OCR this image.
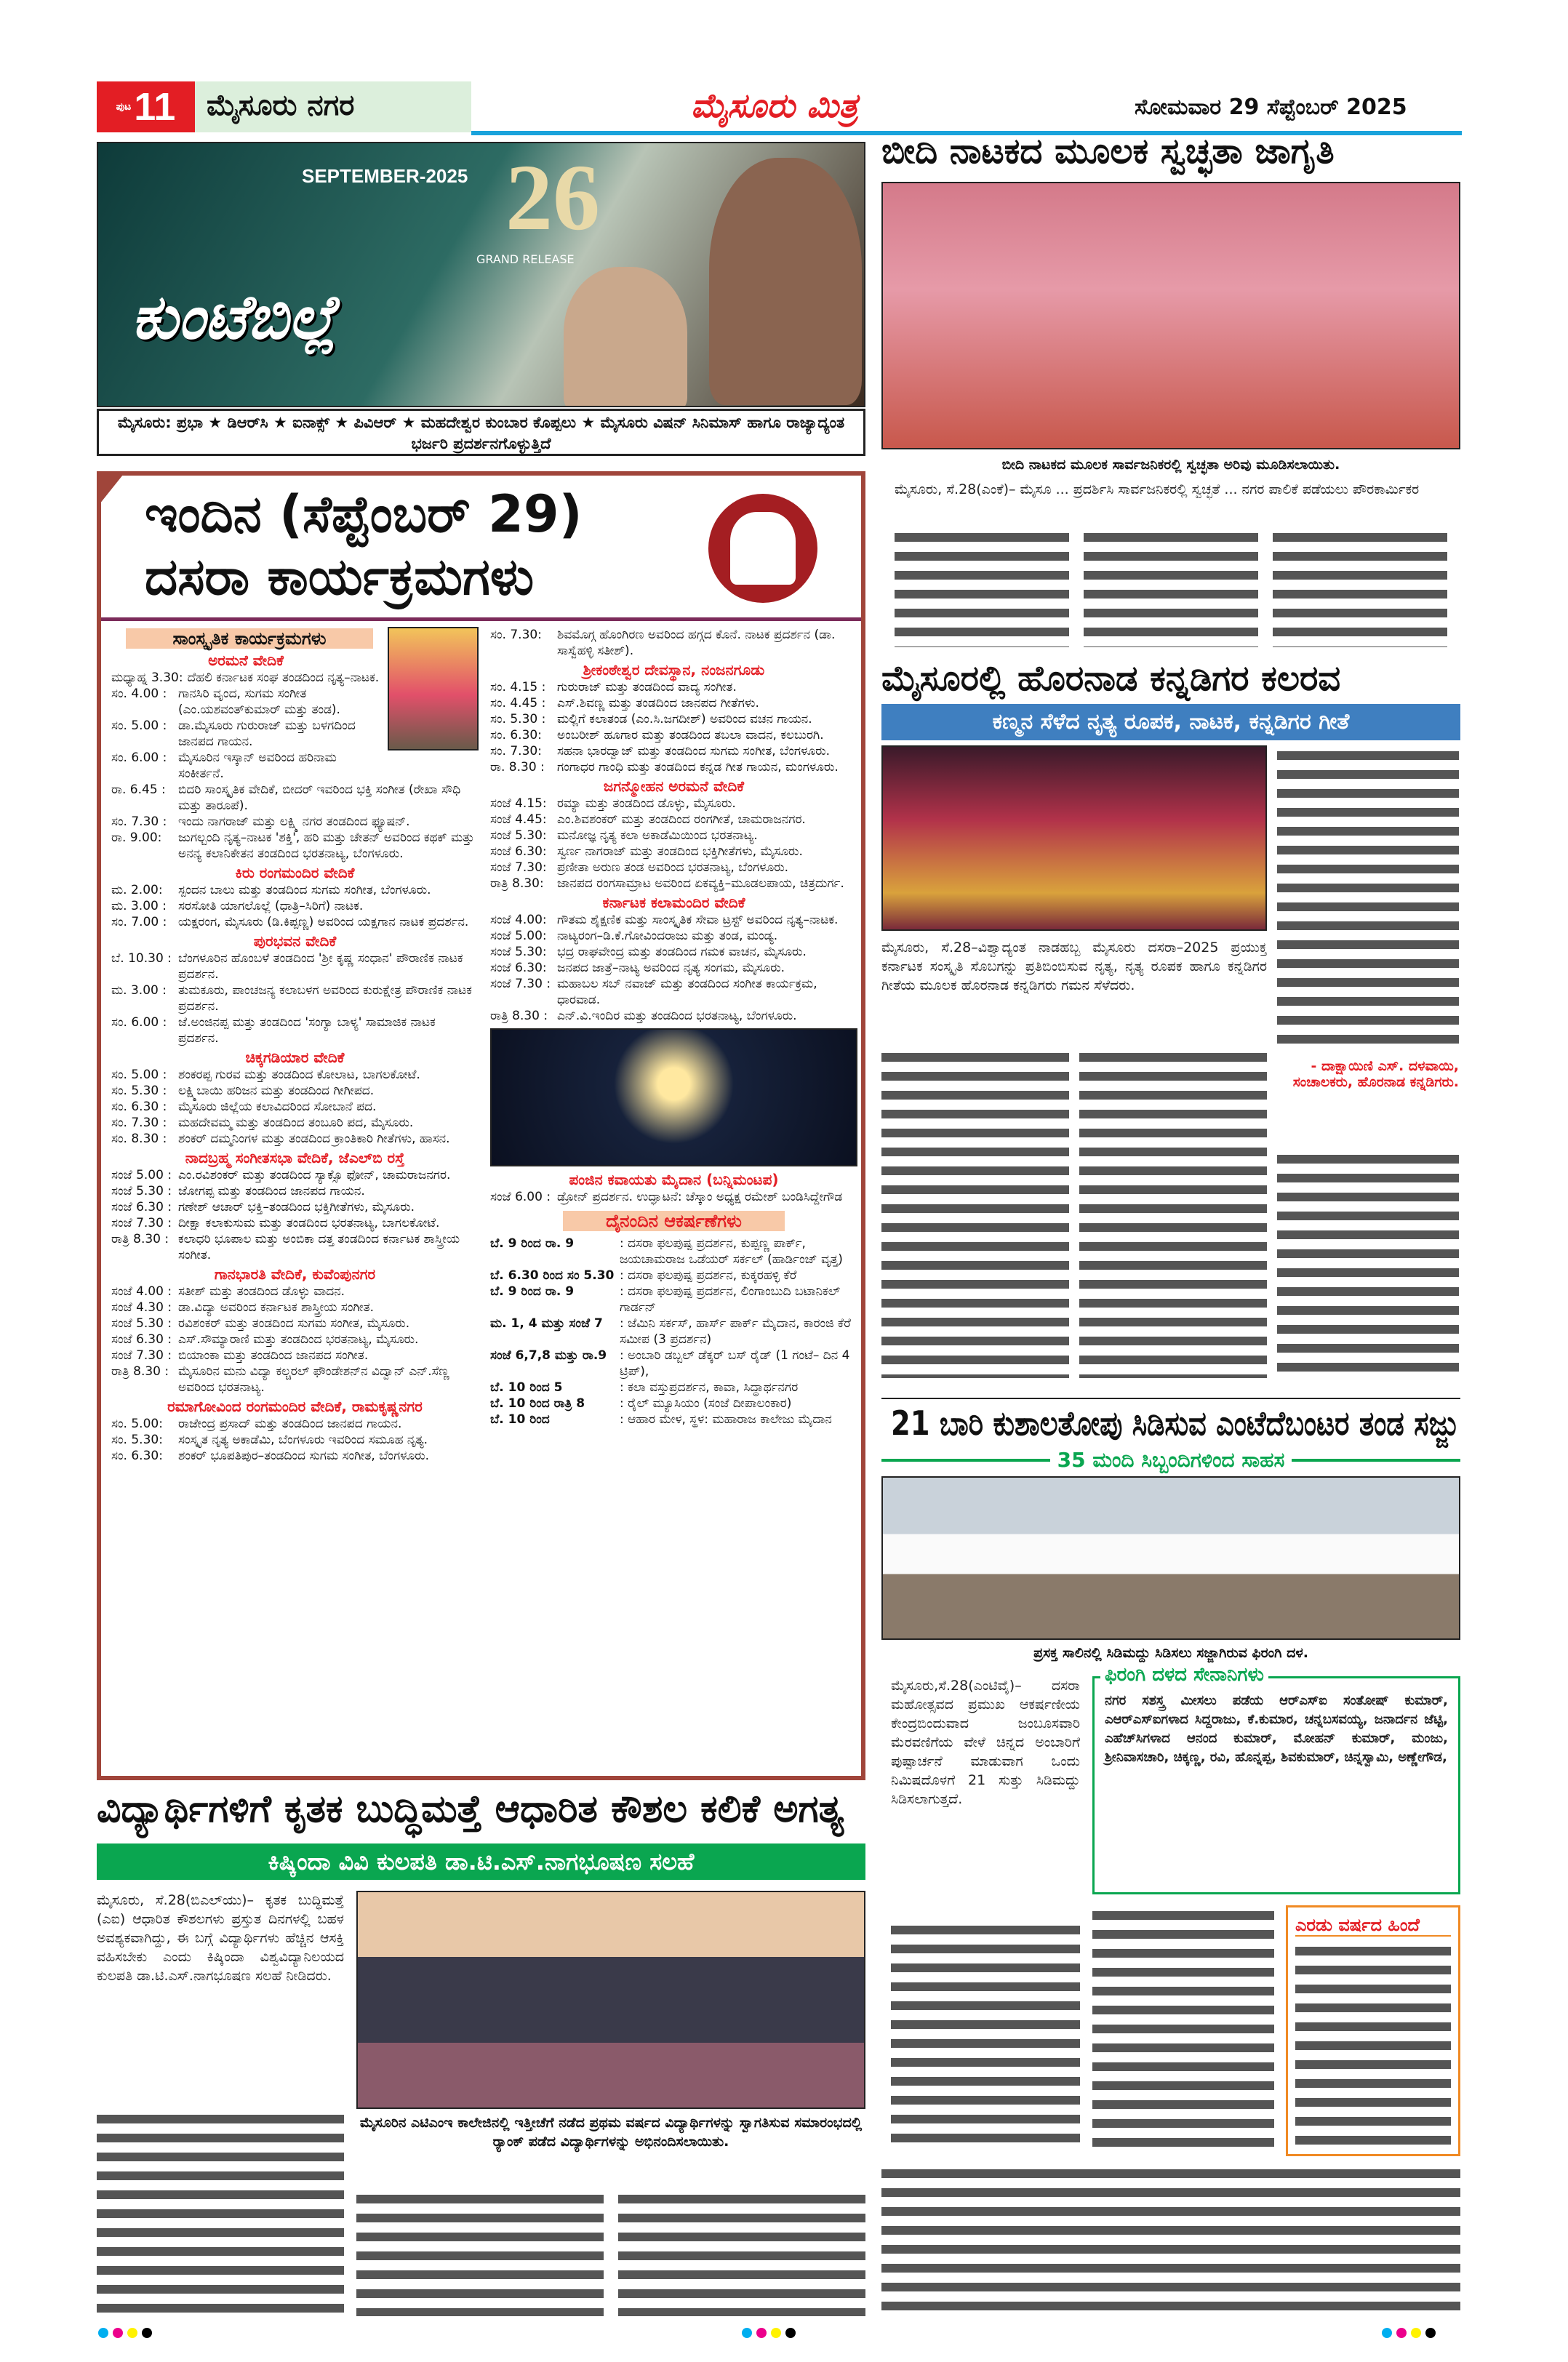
ಪುಟ 11	ಮೈಸೂರು ನಗರ	ಮೈಸೂರು ಮಿತ್ರ	ಸೋಮವಾರ 29 ಸೆಪ್ಟೆಂಬರ್ 2025
SEPTEMBER-2025 26
GRAND RELEASE
ಕುಂಟೆಬಿಲ್ಲೆ
ಮೈಸೂರು: ಪ್ರಭಾ ★ ಡಿಆರ್‌ಸಿ ★ ಐನಾಕ್ಸ್ ★ ಪಿವಿಆರ್ ★ ಮಹದೇಶ್ವರ ಕುಂಬಾರ ಕೊಪ್ಪಲು ★ ಮೈಸೂರು ವಿಷನ್ ಸಿನಿಮಾಸ್ ಹಾಗೂ ರಾಜ್ಯಾದ್ಯಂತ ಭರ್ಜರಿ ಪ್ರದರ್ಶನಗೊಳ್ಳುತ್ತಿದೆ
ಬೀದಿ ನಾಟಕದ ಮೂಲಕ ಸ್ವಚ್ಛತಾ ಜಾಗೃತಿ
ಬೀದಿ ನಾಟಕದ ಮೂಲಕ ಸಾರ್ವಜನಿಕರಲ್ಲಿ ಸ್ವಚ್ಛತಾ ಅರಿವು ಮೂಡಿಸಲಾಯಿತು.
ಮೈಸೂರು, ಸೆ.28(ಎಂಕೆ)– ಮೈಸೂ ... ಪ್ರದರ್ಶಿಸಿ ಸಾರ್ವಜನಿಕರಲ್ಲಿ ಸ್ವಚ್ಛತೆ ... ನಗರ ಪಾಲಿಕೆ ಪಡೆಯಲು ಪೌರಕಾರ್ಮಿಕರ
ಇಂದಿನ (ಸೆಪ್ಟೆಂಬರ್ 29)
ದಸರಾ ಕಾರ್ಯಕ್ರಮಗಳು
ಸಾಂಸ್ಕೃತಿಕ ಕಾರ್ಯಕ್ರಮಗಳು
ಅರಮನೆ ವೇದಿಕೆ
ಮಧ್ಯಾಹ್ನ 3.30: ದೆಹಲಿ ಕರ್ನಾಟಕ ಸಂಘ ತಂಡದಿಂದ ನೃತ್ಯ–ನಾಟಕ.
ಸಂ. 4.00 : ಗಾನಸಿರಿ ವೃಂದ, ಸುಗಮ ಸಂಗೀತ (ಎಂ.ಯಶವಂತ್‌ಕುಮಾರ್ ಮತ್ತು ತಂಡ).
ಸಂ. 5.00 : ಡಾ.ಮೈಸೂರು ಗುರುರಾಜ್ ಮತ್ತು ಬಳಗದಿಂದ ಜಾನಪದ ಗಾಯನ.
ಸಂ. 6.00 : ಮೈಸೂರಿನ ಇಸ್ಕಾನ್ ಅವರಿಂದ ಹರಿನಾಮ ಸಂಕೀರ್ತನೆ.
ರಾ. 6.45 :	ಬಿದರಿ ಸಾಂಸ್ಕೃತಿಕ ವೇದಿಕೆ, ಬೀದರ್ ಇವರಿಂದ ಭಕ್ತಿ ಸಂಗೀತ (ರೇಖಾ ಸೌಧಿ ಮತ್ತು ತಾರೂಪೆ).
ಸಂ. 7.30 : ಇಂದು ನಾಗರಾಜ್ ಮತ್ತು ಲಕ್ಷ್ಮಿ ನಗರ ತಂಡದಿಂದ ಫ್ಯೂಷನ್.
ರಾ. 9.00:	ಜುಗಲ್ಬಂದಿ ನೃತ್ಯ–ನಾಟಕ 'ಶಕ್ತಿ', ಹರಿ ಮತ್ತು ಚೇತನ್ ಅವರಿಂದ ಕಥಕ್ ಮತ್ತು ಅನನ್ಯ ಕಲಾನಿಕೇತನ ತಂಡದಿಂದ ಭರತನಾಟ್ಯ, ಬೆಂಗಳೂರು.
ಕಿರು ರಂಗಮಂದಿರ ವೇದಿಕೆ
ಮ. 2.00:	ಸ್ಪಂದನ ಬಾಲು ಮತ್ತು ತಂಡದಿಂದ ಸುಗಮ ಸಂಗೀತ, ಬೆಂಗಳೂರು.
ಮ. 3.00 : ಸರಸೋತಿ ಯಾಗಲೊಲ್ಲೆ (ಧಾತ್ರಿ–ಸಿರಿಗೆ) ನಾಟಕ.
ಸಂ. 7.00 : ಯಕ್ಷರಂಗ, ಮೈಸೂರು (ಡಿ.ಕಿಪ್ಪಣ್ಣ) ಅವರಿಂದ ಯಕ್ಷಗಾನ ನಾಟಕ ಪ್ರದರ್ಶನ.
ಪುರಭವನ ವೇದಿಕೆ
ಬೆ. 10.30 : ಬೆಂಗಳೂರಿನ ಹೊಂಬಳೆ ತಂಡದಿಂದ 'ಶ್ರೀ ಕೃಷ್ಣ ಸಂಧಾನ' ಪೌರಾಣಿಕ ನಾಟಕ ಪ್ರದರ್ಶನ.
ಮ. 3.00 : ತುಮಕೂರು, ಪಾಂಚಜನ್ಯ ಕಲಾಬಳಗ ಅವರಿಂದ ಕುರುಕ್ಷೇತ್ರ ಪೌರಾಣಿಕ ನಾಟಕ ಪ್ರದರ್ಶನ.
ಸಂ. 6.00 : ಜೆ.ಅಂಜಿನಪ್ಪ ಮತ್ತು ತಂಡದಿಂದ 'ಸಂಗ್ಯಾ ಬಾಳ್ಯ' ಸಾಮಾಜಿಕ ನಾಟಕ ಪ್ರದರ್ಶನ.
ಚಿಕ್ಕಗಡಿಯಾರ ವೇದಿಕೆ
ಸಂ. 5.00 : ಶಂಕರಪ್ಪ ಗುರವ ಮತ್ತು ತಂಡದಿಂದ ಕೋಲಾಟ, ಬಾಗಲಕೋಟೆ.
ಸಂ. 5.30 : ಲಕ್ಷ್ಮಿಬಾಯಿ ಹರಿಜನ ಮತ್ತು ತಂಡದಿಂದ ಗೀಗೀಪದ.
ಸಂ. 6.30 : ಮೈಸೂರು ಜಿಲ್ಲೆಯ ಕಲಾವಿದರಿಂದ ಸೋಬಾನೆ ಪದ.
ಸಂ. 7.30 : ಮಹದೇವಮ್ಮ ಮತ್ತು ತಂಡದಿಂದ ತಂಬೂರಿ ಪದ, ಮೈಸೂರು.
ಸಂ. 8.30 : ಶಂಕರ್ ದಮ್ಮನಿಂಗಳ ಮತ್ತು ತಂಡದಿಂದ ಕ್ರಾಂತಿಕಾರಿ ಗೀತೆಗಳು, ಹಾಸನ.
ನಾದಬ್ರಹ್ಮ ಸಂಗೀತಸಭಾ ವೇದಿಕೆ, ಜೆಎಲ್‌ಬಿ ರಸ್ತೆ
ಸಂಜೆ 5.00 : ಎಂ.ರವಿಶಂಕರ್ ಮತ್ತು ತಂಡದಿಂದ ಸ್ಯಾಕ್ಸೊ ಫೋನ್, ಚಾಮರಾಜನಗರ.
ಸಂಜೆ 5.30 : ಜೋಗಪ್ಪ ಮತ್ತು ತಂಡದಿಂದ ಜಾನಪದ ಗಾಯನ.
ಸಂಜೆ 6.30 : ಗಣೇಶ್ ಆಚಾರ್ ಭಕ್ತಿ–ತಂಡದಿಂದ ಭಕ್ತಿಗೀತೆಗಳು, ಮೈಸೂರು.
ಸಂಜೆ 7.30 : ದೀಕ್ಷಾ ಕಲಾಕುಸುಮ ಮತ್ತು ತಂಡದಿಂದ ಭರತನಾಟ್ಯ, ಬಾಗಲಕೋಟೆ.
ರಾತ್ರಿ 8.30 : ಕಲಾಧರಿ ಭೂಪಾಲ ಮತ್ತು ಅಂಬಿಕಾ ದತ್ತ ತಂಡದಿಂದ ಕರ್ನಾಟಕ ಶಾಸ್ತ್ರೀಯ ಸಂಗೀತ.
ಗಾನಭಾರತಿ ವೇದಿಕೆ, ಕುವೆಂಪುನಗರ
ಸಂಜೆ 4.00 : ಸತೀಶ್ ಮತ್ತು ತಂಡದಿಂದ ಡೊಳ್ಳು ವಾದನ.
ಸಂಜೆ 4.30 : ಡಾ.ವಿದ್ಯಾ ಅವರಿಂದ ಕರ್ನಾಟಕ ಶಾಸ್ತ್ರೀಯ ಸಂಗೀತ.
ಸಂಜೆ 5.30 : ರವಿಶಂಕರ್ ಮತ್ತು ತಂಡದಿಂದ ಸುಗಮ ಸಂಗೀತ, ಮೈಸೂರು.
ಸಂಜೆ 6.30 : ಎಸ್.ಸೌಮ್ಯಾರಾಣಿ ಮತ್ತು ತಂಡದಿಂದ ಭರತನಾಟ್ಯ, ಮೈಸೂರು.
ಸಂಜೆ 7.30 : ಬಿಯಾಂಕಾ ಮತ್ತು ತಂಡದಿಂದ ಜಾನಪದ ಸಂಗೀತ.
ರಾತ್ರಿ 8.30 : ಮೈಸೂರಿನ ಮನು ವಿದ್ಯಾ ಕಲ್ಚರಲ್ ಫೌಂಡೇಶನ್‌ನ ವಿದ್ವಾನ್ ಎನ್.ಸೆಣ್ಣ ಅವರಿಂದ ಭರತನಾಟ್ಯ.
ರಮಾಗೋವಿಂದ ರಂಗಮಂದಿರ ವೇದಿಕೆ, ರಾಮಕೃಷ್ಣನಗರ
ಸಂ. 5.00:	ರಾಜೇಂದ್ರ ಪ್ರಸಾದ್ ಮತ್ತು ತಂಡದಿಂದ ಜಾನಪದ ಗಾಯನ.
ಸಂ. 5.30:	ಸಂಸ್ಕೃತ ನೃತ್ಯ ಅಕಾಡೆಮಿ, ಬೆಂಗಳೂರು ಇವರಿಂದ ಸಮೂಹ ನೃತ್ಯ.
ಸಂ. 6.30:	ಶಂಕರ್ ಭೂಪತಿಪುರ–ತಂಡದಿಂದ ಸುಗಮ ಸಂಗೀತ, ಬೆಂಗಳೂರು.
ಸಂ. 7.30:	ಶಿವಮೊಗ್ಗ ಹೊಂಗಿರಣ ಅವರಿಂದ ಹಗ್ಗದ ಕೊನೆ. ನಾಟಕ ಪ್ರದರ್ಶನ (ಡಾ. ಸಾಸ್ವೆಹಳ್ಳಿ ಸತೀಶ್).
ಶ್ರೀಕಂಠೇಶ್ವರ ದೇವಸ್ಥಾನ, ನಂಜನಗೂಡು
ಸಂ. 4.15 : ಗುರುರಾಜ್ ಮತ್ತು ತಂಡದಿಂದ ವಾದ್ಯ ಸಂಗೀತ.
ಸಂ. 4.45 : ಎಸ್.ಶಿವಣ್ಣ ಮತ್ತು ತಂಡದಿಂದ ಜಾನಪದ ಗೀತೆಗಳು.
ಸಂ. 5.30 : ಮಲ್ಲಿಗೆ ಕಲಾತಂಡ (ಎಂ.ಸಿ.ಜಗದೀಶ್) ಅವರಿಂದ ವಚನ ಗಾಯನ.
ಸಂ. 6.30:	ಅಂಬರೀಶ್ ಹೂಗಾರ ಮತ್ತು ತಂಡದಿಂದ ತಬಲಾ ವಾದನ, ಕಲಬುರಗಿ.
ಸಂ. 7.30:	ಸಹನಾ ಭಾರದ್ವಾಜ್ ಮತ್ತು ತಂಡದಿಂದ ಸುಗಮ ಸಂಗೀತ, ಬೆಂಗಳೂರು.
ರಾ. 8.30 :	ಗಂಗಾಧರ ಗಾಂಧಿ ಮತ್ತು ತಂಡದಿಂದ ಕನ್ನಡ ಗೀತ ಗಾಯನ, ಮಂಗಳೂರು.
ಜಗನ್ಮೋಹನ ಅರಮನೆ ವೇದಿಕೆ
ಸಂಜೆ 4.15: ರಮ್ಯಾ ಮತ್ತು ತಂಡದಿಂದ ಡೊಳ್ಳು, ಮೈಸೂರು.
ಸಂಜೆ 4.45: ಎಂ.ಶಿವಶಂಕರ್ ಮತ್ತು ತಂಡದಿಂದ ರಂಗಗೀತೆ, ಚಾಮರಾಜನಗರ.
ಸಂಜೆ 5.30: ಮನೋಜ್ಞ ನೃತ್ಯ ಕಲಾ ಅಕಾಡೆಮಿಯಿಂದ ಭರತನಾಟ್ಯ.
ಸಂಜೆ 6.30: ಸ್ವರ್ಣ ನಾಗರಾಜ್ ಮತ್ತು ತಂಡದಿಂದ ಭಕ್ತಿಗೀತೆಗಳು, ಮೈಸೂರು.
ಸಂಜೆ 7.30: ಪ್ರಣೀತಾ ಅರುಣ ತಂಡ ಅವರಿಂದ ಭರತನಾಟ್ಯ, ಬೆಂಗಳೂರು.
ರಾತ್ರಿ 8.30:	ಜಾನಪದ ರಂಗಸಾಮ್ರಾಟ ಅವರಿಂದ ಏಕವ್ಯಕ್ತಿ–ಮೂಡಲಪಾಯ, ಚಿತ್ರದುರ್ಗ.
ಕರ್ನಾಟಕ ಕಲಾಮಂದಿರ ವೇದಿಕೆ
ಸಂಜೆ 4.00: ಗೌತಮ ಶೈಕ್ಷಣಿಕ ಮತ್ತು ಸಾಂಸ್ಕೃತಿಕ ಸೇವಾ ಟ್ರಸ್ಟ್ ಅವರಿಂದ ನೃತ್ಯ–ನಾಟಕ.
ಸಂಜೆ 5.00: ನಾಟ್ಯರಂಗ–ಡಿ.ಕೆ.ಗೋವಿಂದರಾಜು ಮತ್ತು ತಂಡ, ಮಂಡ್ಯ.
ಸಂಜೆ 5.30: ಭದ್ರ ರಾಘವೇಂದ್ರ ಮತ್ತು ತಂಡದಿಂದ ಗಮಕ ವಾಚನ, ಮೈಸೂರು.
ಸಂಜೆ 6.30: ಜನಪದ ಜಾತ್ರೆ–ನಾಟ್ಯ ಅವರಿಂದ ನೃತ್ಯ ಸಂಗಮ, ಮೈಸೂರು.
ಸಂಜೆ 7.30 : ಮಹಾಬಲ ಸಬ್ ನವಾಜ್ ಮತ್ತು ತಂಡದಿಂದ ಸಂಗೀತ ಕಾರ್ಯಕ್ರಮ, ಧಾರವಾಡ.
ರಾತ್ರಿ 8.30 : ಎನ್.ವಿ.ಇಂದಿರ ಮತ್ತು ತಂಡದಿಂದ ಭರತನಾಟ್ಯ, ಬೆಂಗಳೂರು.
ಪಂಜಿನ ಕವಾಯತು ಮೈದಾನ (ಬನ್ನಿಮಂಟಪ)
ಸಂಜೆ 6.00 : ಡ್ರೋನ್ ಪ್ರದರ್ಶನ. ಉದ್ಘಾಟನೆ: ಚೆಸ್ಕಾಂ ಅಧ್ಯಕ್ಷ ರಮೇಶ್ ಬಂಡಿಸಿದ್ದೇಗೌಡ
ದೈನಂದಿನ ಆಕರ್ಷಣೆಗಳು
ಬೆ. 9 ರಿಂದ ರಾ. 9	: ದಸರಾ ಫಲಪುಷ್ಪ ಪ್ರದರ್ಶನ, ಕುಪ್ಪಣ್ಣ ಪಾರ್ಕ್, ಜಯಚಾಮರಾಜ ಒಡೆಯರ್ ಸರ್ಕಲ್ (ಹಾರ್ಡಿಂಜ್ ವೃತ್ತ)
ಬೆ. 6.30 ರಿಂದ ಸಂ 5.30 : ದಸರಾ ಫಲಪುಷ್ಪ ಪ್ರದರ್ಶನ, ಕುಕ್ಕರಹಳ್ಳಿ ಕೆರೆ
ಬೆ. 9 ರಿಂದ ರಾ. 9	: ದಸರಾ ಫಲಪುಷ್ಪ ಪ್ರದರ್ಶನ, ಲಿಂಗಾಂಬುದಿ ಬಟಾನಿಕಲ್ ಗಾರ್ಡನ್
ಮ. 1, 4 ಮತ್ತು ಸಂಜೆ 7	: ಜೆಮಿನಿ ಸರ್ಕಸ್, ಹಾರ್ಸ್ ಪಾರ್ಕ್ ಮೈದಾನ, ಕಾರಂಜಿ ಕೆರೆ ಸಮೀಪ (3 ಪ್ರದರ್ಶನ)
ಸಂಜೆ 6,7,8 ಮತ್ತು ರಾ.9	: ಅಂಬಾರಿ ಡಬ್ಬಲ್ ಡೆಕ್ಕರ್ ಬಸ್ ರೈಡ್ (1 ಗಂಟೆ– ದಿನ 4 ಟ್ರಿಪ್),
ಬೆ. 10 ರಿಂದ 5	: ಕಲಾ ವಸ್ತುಪ್ರದರ್ಶನ, ಕಾವಾ, ಸಿದ್ಧಾರ್ಥನಗರ
ಬೆ. 10 ರಿಂದ ರಾತ್ರಿ 8	: ರೈಲ್ ಮ್ಯೂಸಿಯಂ (ಸಂಜೆ ದೀಪಾಲಂಕಾರ)
ಬೆ. 10 ರಿಂದ	: ಆಹಾರ ಮೇಳ, ಸ್ಥಳ: ಮಹಾರಾಜ ಕಾಲೇಜು ಮೈದಾನ
ಮೈಸೂರಲ್ಲಿ ಹೊರನಾಡ ಕನ್ನಡಿಗರ ಕಲರವ
ಕಣ್ಮನ ಸೆಳೆದ ನೃತ್ಯ ರೂಪಕ, ನಾಟಕ, ಕನ್ನಡಿಗರ ಗೀತೆ
ಮೈಸೂರು, ಸೆ.28–ವಿಶ್ವಾದ್ಯಂತ ನಾಡಹಬ್ಬ ಮೈಸೂರು ದಸರಾ–2025 ಪ್ರಯುಕ್ತ ಕರ್ನಾಟಕ ಸಂಸ್ಕೃತಿ ಸೊಬಗನ್ನು ಪ್ರತಿಬಿಂಬಿಸುವ ನೃತ್ಯ, ನೃತ್ಯ ರೂಪಕ ಹಾಗೂ ಕನ್ನಡಿಗರ ಗೀತೆಯ ಮೂಲಕ ಹೊರನಾಡ ಕನ್ನಡಿಗರು ಗಮನ ಸೆಳೆದರು.
- ದಾಕ್ಷಾಯಿಣಿ ಎಸ್. ದಳವಾಯಿ, ಸಂಚಾಲಕರು, ಹೊರನಾಡ ಕನ್ನಡಿಗರು.
21 ಬಾರಿ ಕುಶಾಲತೋಪು ಸಿಡಿಸುವ ಎಂಟೆದೆಬಂಟರ ತಂಡ ಸಜ್ಜು
35 ಮಂದಿ ಸಿಬ್ಬಂದಿಗಳಿಂದ ಸಾಹಸ
ಪ್ರಸಕ್ತ ಸಾಲಿನಲ್ಲಿ ಸಿಡಿಮದ್ದು ಸಿಡಿಸಲು ಸಜ್ಜಾಗಿರುವ ಫಿರಂಗಿ ದಳ.
ಮೈಸೂರು,ಸೆ.28(ಎಂಟಿವೈ)– ದಸರಾ ಮಹೋತ್ಸವದ ಪ್ರಮುಖ ಆಕರ್ಷಣೀಯ ಕೇಂದ್ರಬಿಂದುವಾದ ಜಂಬೂಸವಾರಿ ಮೆರವಣಿಗೆಯ ವೇಳೆ ಚಿನ್ನದ ಅಂಬಾರಿಗೆ ಪುಷ್ಪಾರ್ಚನೆ ಮಾಡುವಾಗ ಒಂದು ನಿಮಿಷದೊಳಗೆ 21 ಸುತ್ತು ಸಿಡಿಮದ್ದು ಸಿಡಿಸಲಾಗುತ್ತದೆ.
ಫಿರಂಗಿ ದಳದ ಸೇನಾನಿಗಳು
ನಗರ ಸಶಸ್ತ್ರ ಮೀಸಲು ಪಡೆಯ ಆರ್‌ಎಸ್‌ಐ ಸಂತೋಷ್ ಕುಮಾರ್, ಎಆರ್‌ಎಸ್‌ಐಗಳಾದ ಸಿದ್ದರಾಜು, ಕೆ.ಕುಮಾರ, ಚನ್ನಬಸವಯ್ಯ, ಜನಾರ್ದನ ಜೆಟ್ಟಿ, ಎಹೆಚ್‌ಸಿಗಳಾದ ಆನಂದ ಕುಮಾರ್, ಮೋಹನ್ ಕುಮಾರ್, ಮಂಜು, ಶ್ರೀನಿವಾಸಚಾರಿ, ಚಿಕ್ಕಣ್ಣ, ರವಿ, ಹೊನ್ನಪ್ಪ, ಶಿವಕುಮಾರ್, ಚಿನ್ನಸ್ವಾಮಿ, ಅಣ್ಣೇಗೌಡ,
ಎರಡು ವರ್ಷದ ಹಿಂದೆ
ವಿದ್ಯಾರ್ಥಿಗಳಿಗೆ ಕೃತಕ ಬುದ್ಧಿಮತ್ತೆ ಆಧಾರಿತ ಕೌಶಲ ಕಲಿಕೆ ಅಗತ್ಯ
ಕಿಷ್ಕಿಂದಾ ವಿವಿ ಕುಲಪತಿ ಡಾ.ಟಿ.ಎಸ್.ನಾಗಭೂಷಣ ಸಲಹೆ
ಮೈಸೂರು, ಸೆ.28(ಬಿಎಲ್‌ಯು)– ಕೃತಕ ಬುದ್ಧಿಮತ್ತೆ (ಎಐ) ಆಧಾರಿತ ಕೌಶಲಗಳು ಪ್ರಸ್ತುತ ದಿನಗಳಲ್ಲಿ ಬಹಳ ಅವಶ್ಯಕವಾಗಿದ್ದು, ಈ ಬಗ್ಗೆ ವಿದ್ಯಾರ್ಥಿಗಳು ಹೆಚ್ಚಿನ ಆಸಕ್ತಿ ವಹಿಸಬೇಕು ಎಂದು ಕಿಷ್ಕಿಂದಾ ವಿಶ್ವವಿದ್ಯಾನಿಲಯದ ಕುಲಪತಿ ಡಾ.ಟಿ.ಎಸ್.ನಾಗಭೂಷಣ ಸಲಹೆ ನೀಡಿದರು.
ಮೈಸೂರಿನ ಎಟಿಎಂಇ ಕಾಲೇಜಿನಲ್ಲಿ ಇತ್ತೀಚೆಗೆ ನಡೆದ ಪ್ರಥಮ ವರ್ಷದ ವಿದ್ಯಾರ್ಥಿಗಳನ್ನು ಸ್ವಾಗತಿಸುವ ಸಮಾರಂಭದಲ್ಲಿ ರ್‍ಯಾಂಕ್ ಪಡೆದ ವಿದ್ಯಾರ್ಥಿಗಳನ್ನು ಅಭಿನಂದಿಸಲಾಯಿತು.
